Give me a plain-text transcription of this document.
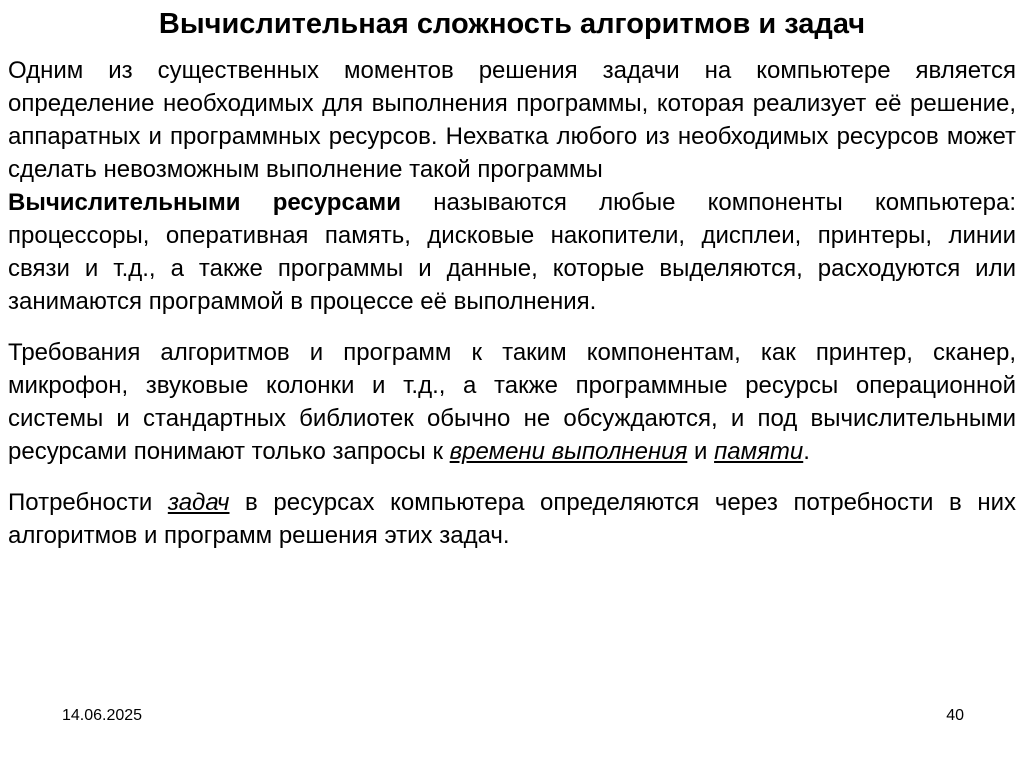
Вычислительная сложность алгоритмов и задач

Одним из существенных моментов решения задачи на компьютере является определение необходимых для выполнения программы, которая реализует её решение, аппаратных и программных ресурсов. Нехватка любого из необходимых ресурсов может сделать невозможным выполнение такой программы

Вычислительными ресурсами называются любые компоненты компьютера: процессоры, оперативная память, дисковые накопители, дисплеи, принтеры, линии связи и т.д., а также программы и данные, которые выделяются, расходуются или занимаются программой в процессе её выполнения.

Требования алгоритмов и программ к таким компонентам, как принтер, сканер, микрофон, звуковые колонки и т.д., а также программные ресурсы операционной системы и стандартных библиотек обычно не обсуждаются, и под вычислительными ресурсами понимают только запросы к времени выполнения и памяти.

Потребности задач в ресурсах компьютера определяются через потребности в них алгоритмов и программ решения этих задач.

14.06.2025	40
